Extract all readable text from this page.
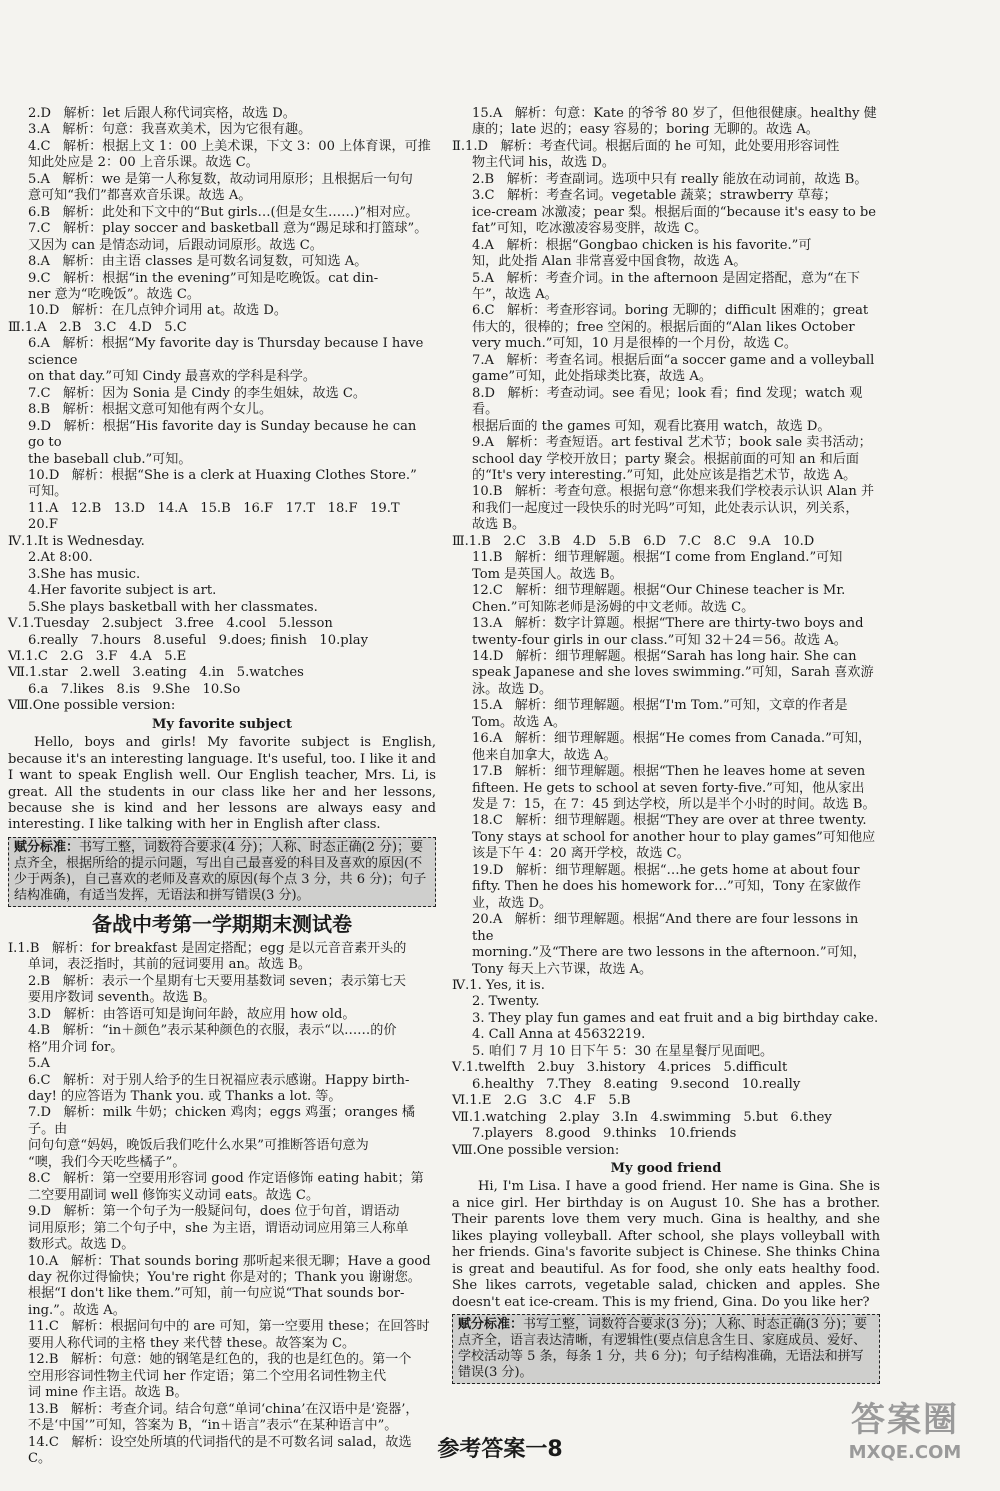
2.D   解析：let 后跟人称代词宾格，故选 D。
3.A   解析：句意：我喜欢美术，因为它很有趣。
4.C   解析：根据上文 1：00 上美术课，下文 3：00 上体育课，可推
知此处应是 2：00 上音乐课。故选 C。
5.A   解析：we 是第一人称复数，故动词用原形；且根据后一句句
意可知“我们”都喜欢音乐课。故选 A。
6.B   解析：此处和下文中的“But girls…(但是女生……)”相对应。
7.C   解析：play soccer and basketball 意为“踢足球和打篮球”。
又因为 can 是情态动词，后跟动词原形。故选 C。
8.A   解析：由主语 classes 是可数名词复数，可知选 A。
9.C   解析：根据“in the evening”可知是吃晚饭。cat din-
ner 意为“吃晚饭”。故选 C。
10.D   解析：在几点钟介词用 at。故选 D。
Ⅲ.1.A   2.B   3.C   4.D   5.C
6.A   解析：根据“My favorite day is Thursday because I have science
on that day.”可知 Cindy 最喜欢的学科是科学。
7.C   解析：因为 Sonia 是 Cindy 的李生姐妹，故选 C。
8.B   解析：根据文意可知他有两个女儿。
9.D   解析：根据“His favorite day is Sunday because he can go to
the baseball club.”可知。
10.D   解析：根据“She is a clerk at Huaxing Clothes Store.”
可知。
11.A   12.B   13.D   14.A   15.B   16.F   17.T   18.F   19.T   20.F
Ⅳ.1.It is Wednesday.
2.At 8:00.
3.She has music.
4.Her favorite subject is art.
5.She plays basketball with her classmates.
Ⅴ.1.Tuesday   2.subject   3.free   4.cool   5.lesson
6.really   7.hours   8.useful   9.does; finish   10.play
Ⅵ.1.C   2.G   3.F   4.A   5.E
Ⅶ.1.star   2.well   3.eating   4.in   5.watches
6.a   7.likes   8.is   9.She   10.So
Ⅷ.One possible version:
My favorite subject
Hello, boys and girls! My favorite subject is English, because it's an interesting language. It's useful, too. I like it and I want to speak English well. Our English teacher, Mrs. Li, is great. All the students in our class like her and her lessons, because she is kind and her lessons are always easy and interesting. I like talking with her in English after class.
赋分标准：书写工整，词数符合要求(4 分)；人称、时态正确(2 分)；要点齐全，根据所给的提示问题，写出自己最喜爱的科目及喜欢的原因(不少于两条)，自己喜欢的老师及喜欢的原因(每个点 3 分，共 6 分)；句子结构准确，有适当发挥，无语法和拼写错误(3 分)。
备战中考第一学期期末测试卷
Ⅰ.1.B   解析：for breakfast 是固定搭配；egg 是以元音音素开头的
单词，表泛指时，其前的冠词要用 an。故选 B。
2.B   解析：表示一个星期有七天要用基数词 seven；表示第七天
要用序数词 seventh。故选 B。
3.D   解析：由答语可知是询问年龄，故应用 how old。
4.B   解析：“in＋颜色”表示某种颜色的衣服，表示“以……的价
格”用介词 for。
5.A
6.C   解析：对于别人给予的生日祝福应表示感谢。Happy birth-
day! 的应答语为 Thank you. 或 Thanks a lot. 等。
7.D   解析：milk 牛奶；chicken 鸡肉；eggs 鸡蛋；oranges 橘子。由
问句句意“妈妈，晚饭后我们吃什么水果”可推断答语句意为
“噢，我们今天吃些橘子”。
8.C   解析：第一空要用形容词 good 作定语修饰 eating habit；第
二空要用副词 well 修饰实义动词 eats。故选 C。
9.D   解析：第一个句子为一般疑问句，does 位于句首，谓语动
词用原形；第二个句子中，she 为主语，谓语动词应用第三人称单
数形式。故选 D。
10.A   解析：That sounds boring 那听起来很无聊；Have a good
day 祝你过得愉快；You're right 你是对的；Thank you 谢谢您。
根据“I don't like them.”可知，前一句应说“That sounds bor-
ing.”。故选 A。
11.C   解析：根据问句中的 are 可知，第一空要用 these；在回答时
要用人称代词的主格 they 来代替 these。故答案为 C。
12.B   解析：句意：她的钢笔是红色的，我的也是红色的。第一个
空用形容词性物主代词 her 作定语；第二个空用名词性物主代
词 mine 作主语。故选 B。
13.B   解析：考查介词。结合句意“单词‘china’在汉语中是‘瓷器’，
不是‘中国’”可知，答案为 B，“in＋语言”表示“在某种语言中”。
14.C   解析：设空处所填的代词指代的是不可数名词 salad，故选 C。
15.A   解析：句意：Kate 的爷爷 80 岁了，但他很健康。healthy 健
康的；late 迟的；easy 容易的；boring 无聊的。故选 A。
Ⅱ.1.D   解析：考查代词。根据后面的 he 可知，此处要用形容词性
物主代词 his，故选 D。
2.B   解析：考查副词。选项中只有 really 能放在动词前，故选 B。
3.C   解析：考查名词。vegetable 蔬菜；strawberry 草莓；
ice-cream 冰激凌；pear 梨。根据后面的“because it's easy to be
fat”可知，吃冰激凌容易变胖，故选 C。
4.A   解析：根据“Gongbao chicken is his favorite.”可
知，此处指 Alan 非常喜爱中国食物，故选 A。
5.A   解析：考查介词。in the afternoon 是固定搭配，意为“在下
午”，故选 A。
6.C   解析：考查形容词。boring 无聊的；difficult 困难的；great
伟大的，很棒的；free 空闲的。根据后面的“Alan likes October
very much.”可知，10 月是很棒的一个月份，故选 C。
7.A   解析：考查名词。根据后面“a soccer game and a volleyball
game”可知，此处指球类比赛，故选 A。
8.D   解析：考查动词。see 看见；look 看；find 发现；watch 观看。
根据后面的 the games 可知，观看比赛用 watch，故选 D。
9.A   解析：考查短语。art festival 艺术节；book sale 卖书活动；
school day 学校开放日；party 聚会。根据前面的可知 an 和后面
的“It's very interesting.”可知，此处应该是指艺术节，故选 A。
10.B   解析：考查句意。根据句意“你想来我们学校表示认识 Alan 并
和我们一起度过一段快乐的时光吗”可知，此处表示认识，列关系，
故选 B。
Ⅲ.1.B   2.C   3.B   4.D   5.B   6.D   7.C   8.C   9.A   10.D
11.B   解析：细节理解题。根据“I come from England.”可知
Tom 是英国人。故选 B。
12.C   解析：细节理解题。根据“Our Chinese teacher is Mr.
Chen.”可知陈老师是汤姆的中文老师。故选 C。
13.A   解析：数字计算题。根据“There are thirty-two boys and
twenty-four girls in our class.”可知 32＋24＝56。故选 A。
14.D   解析：细节理解题。根据“Sarah has long hair. She can
speak Japanese and she loves swimming.”可知，Sarah 喜欢游
泳。故选 D。
15.A   解析：细节理解题。根据“I'm Tom.”可知，文章的作者是
Tom。故选 A。
16.A   解析：细节理解题。根据“He comes from Canada.”可知，
他来自加拿大，故选 A。
17.B   解析：细节理解题。根据“Then he leaves home at seven
fifteen. He gets to school at seven forty-five.”可知，他从家出
发是 7：15，在 7：45 到达学校，所以是半个小时的时间。故选 B。
18.C   解析：细节理解题。根据“They are over at three twenty.
Tony stays at school for another hour to play games”可知他应
该是下午 4：20 离开学校，故选 C。
19.D   解析：细节理解题。根据“…he gets home at about four
fifty. Then he does his homework for…”可知，Tony 在家做作
业，故选 D。
20.A   解析：细节理解题。根据“And there are four lessons in the
morning.”及“There are two lessons in the afternoon.”可知，
Tony 每天上六节课，故选 A。
Ⅳ.1. Yes, it is.
2. Twenty.
3. They play fun games and eat fruit and a big birthday cake.
4. Call Anna at 45632219.
5. 咱们 7 月 10 日下午 5：30 在星星餐厅见面吧。
Ⅴ.1.twelfth   2.buy   3.history   4.prices   5.difficult
6.healthy   7.They   8.eating   9.second   10.really
Ⅵ.1.E   2.G   3.C   4.F   5.B
Ⅶ.1.watching   2.play   3.In   4.swimming   5.but   6.they
7.players   8.good   9.thinks   10.friends
Ⅷ.One possible version:
My good friend
Hi, I'm Lisa. I have a good friend. Her name is Gina. She is a nice girl. Her birthday is on August 10. She has a brother. Their parents love them very much. Gina is healthy, and she likes playing volleyball. After school, she plays volleyball with her friends. Gina's favorite subject is Chinese. She thinks China is great and beautiful. As for food, she only eats healthy food. She likes carrots, vegetable salad, chicken and apples. She doesn't eat ice-cream. This is my friend, Gina. Do you like her?
赋分标准：书写工整，词数符合要求(3 分)；人称、时态正确(3 分)；要点齐全，语言表达清晰，有逻辑性(要点信息含生日、家庭成员、爱好、学校活动等 5 条，每条 1 分，共 6 分)；句子结构准确，无语法和拼写错误(3 分)。
参考答案一8
答案圈
MXQE.COM
